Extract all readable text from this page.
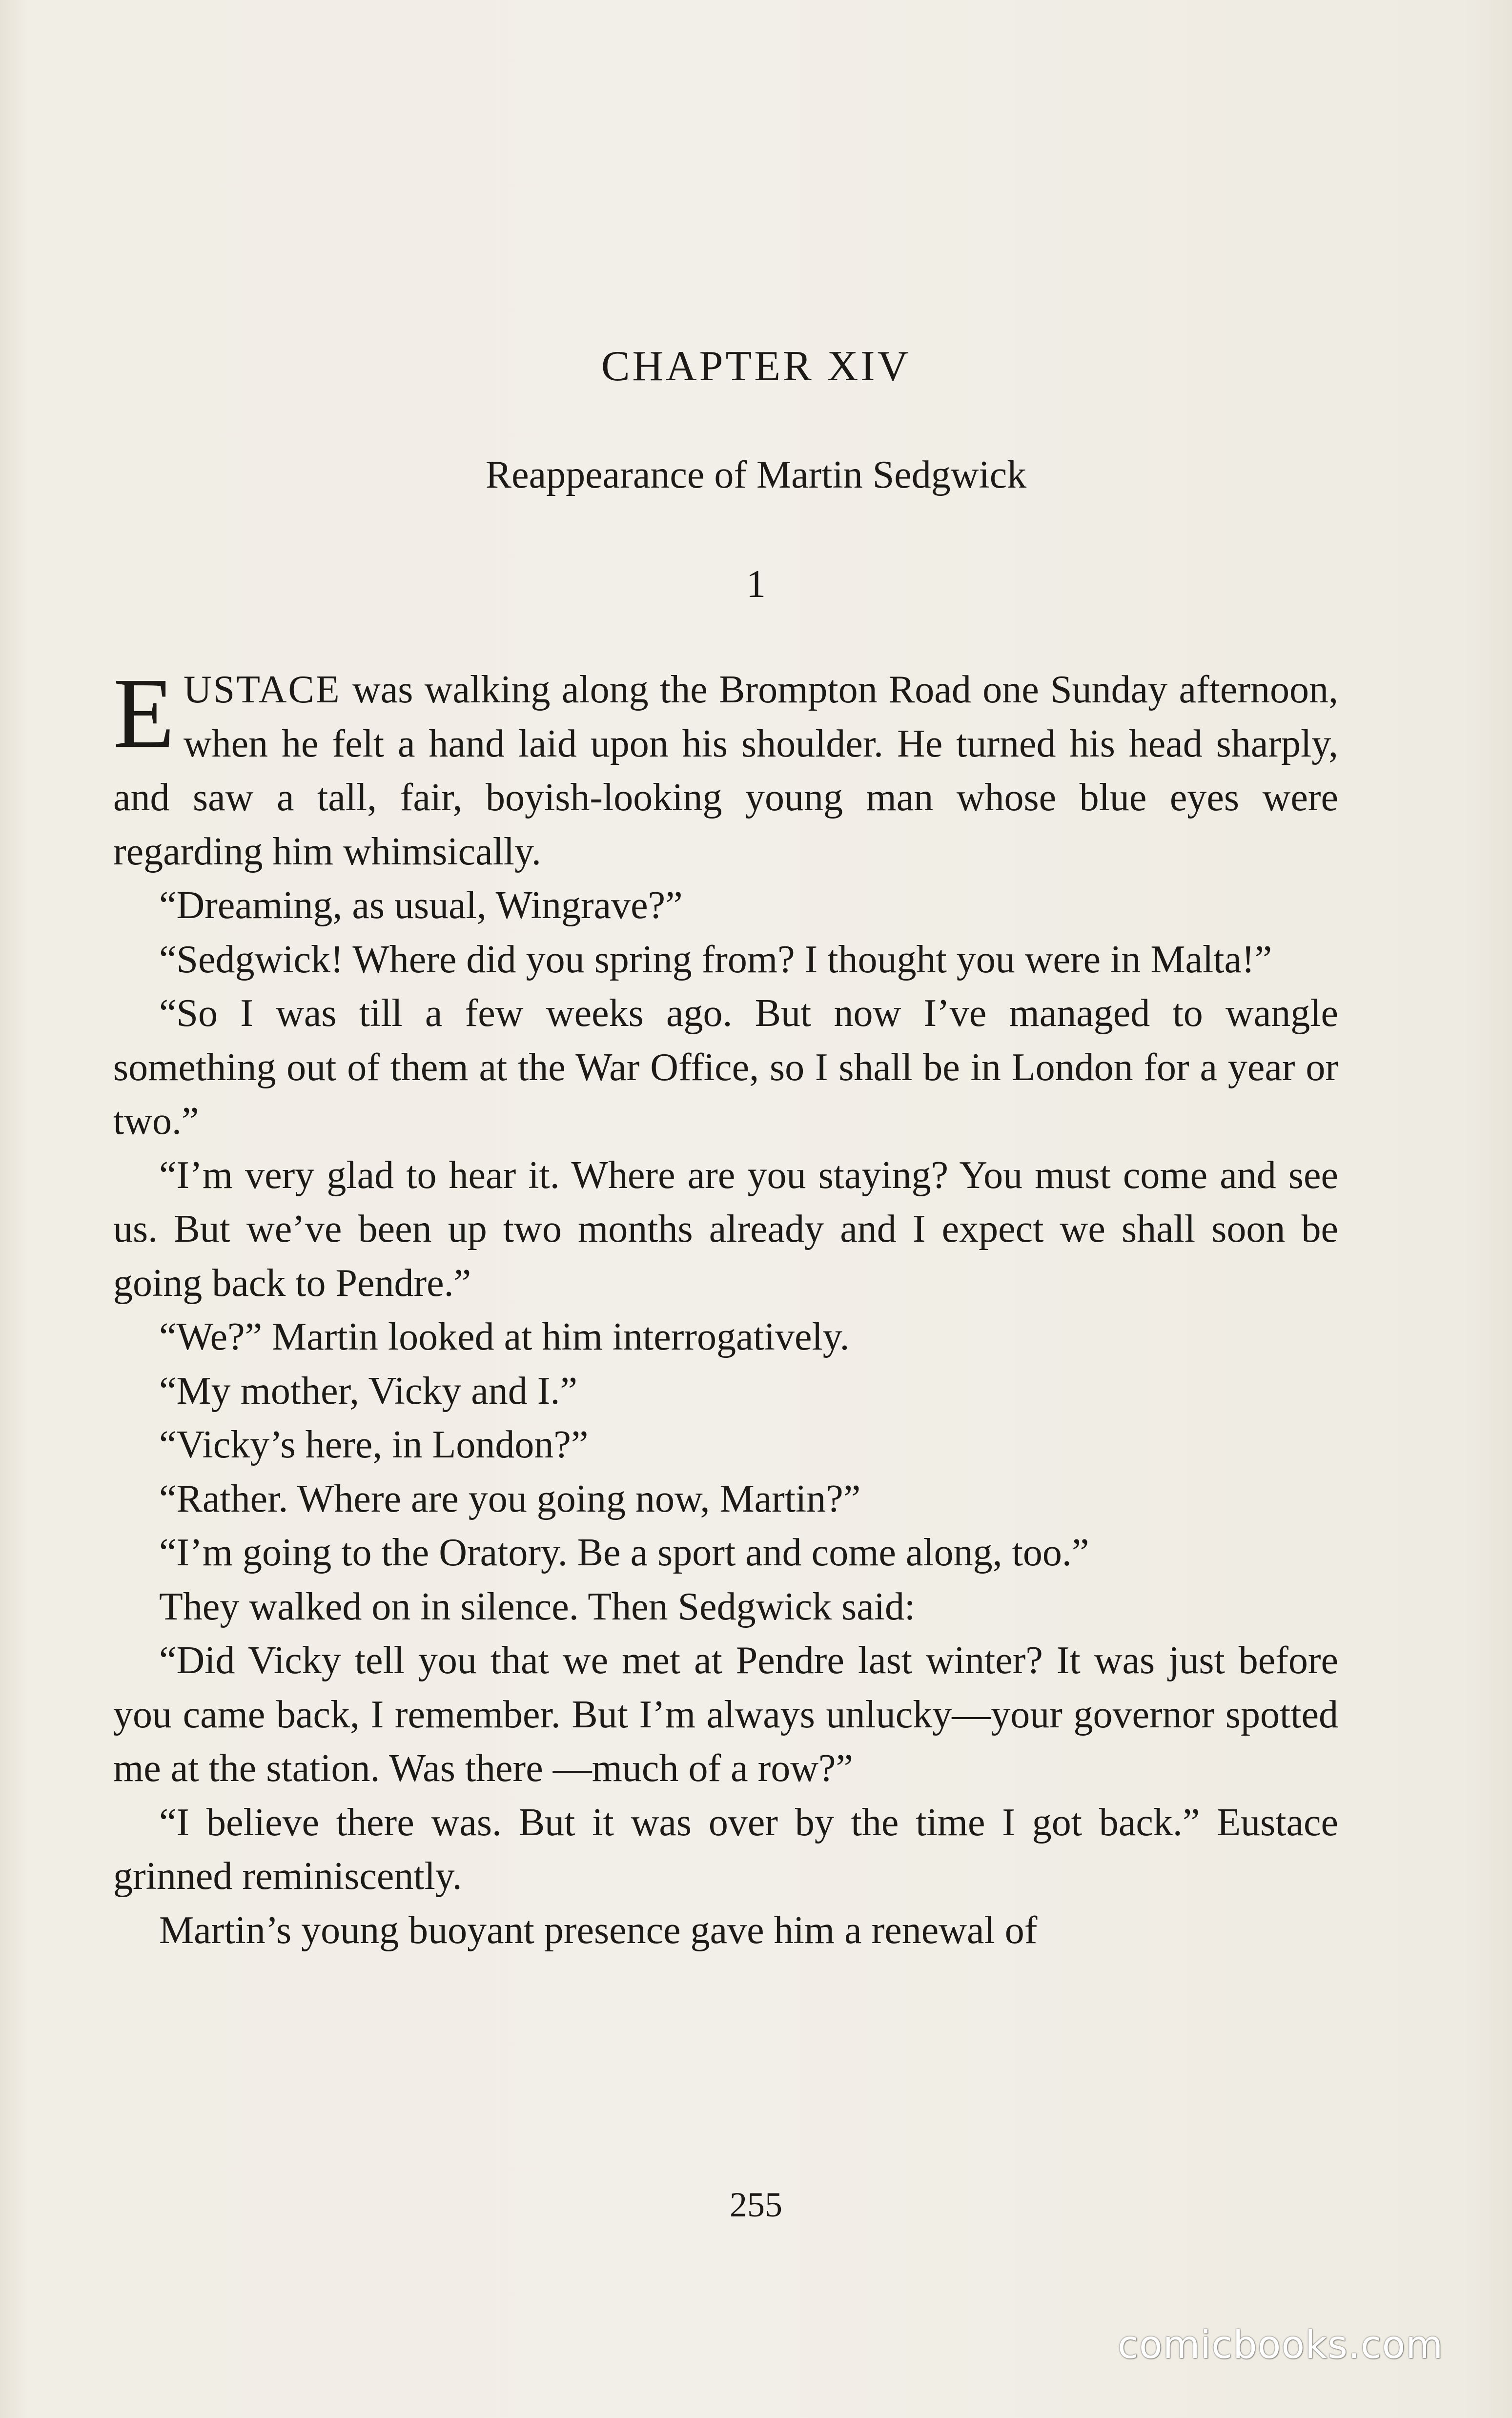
CHAPTER XIV
Reappearance of Martin Sedgwick
1

EUSTACE was walking along the Brompton Road one Sunday afternoon, when he felt a hand laid upon his shoulder. He turned his head sharply, and saw a tall, fair, boyish-looking young man whose blue eyes were regarding him whimsically.

“Dreaming, as usual, Wingrave?”

“Sedgwick! Where did you spring from? I thought you were in Malta!”

“So I was till a few weeks ago. But now I’ve managed to wangle something out of them at the War Office, so I shall be in London for a year or two.”

“I’m very glad to hear it. Where are you staying? You must come and see us. But we’ve been up two months already and I expect we shall soon be going back to Pendre.”

“We?” Martin looked at him interrogatively.

“My mother, Vicky and I.”

“Vicky’s here, in London?”

“Rather. Where are you going now, Martin?”

“I’m going to the Oratory. Be a sport and come along, too.”

They walked on in silence. Then Sedgwick said:

“Did Vicky tell you that we met at Pendre last winter? It was just before you came back, I remember. But I’m always unlucky—your governor spotted me at the station. Was there —much of a row?”

“I believe there was. But it was over by the time I got back.” Eustace grinned reminiscently.

Martin’s young buoyant presence gave him a renewal of

255
comicbooks.com
